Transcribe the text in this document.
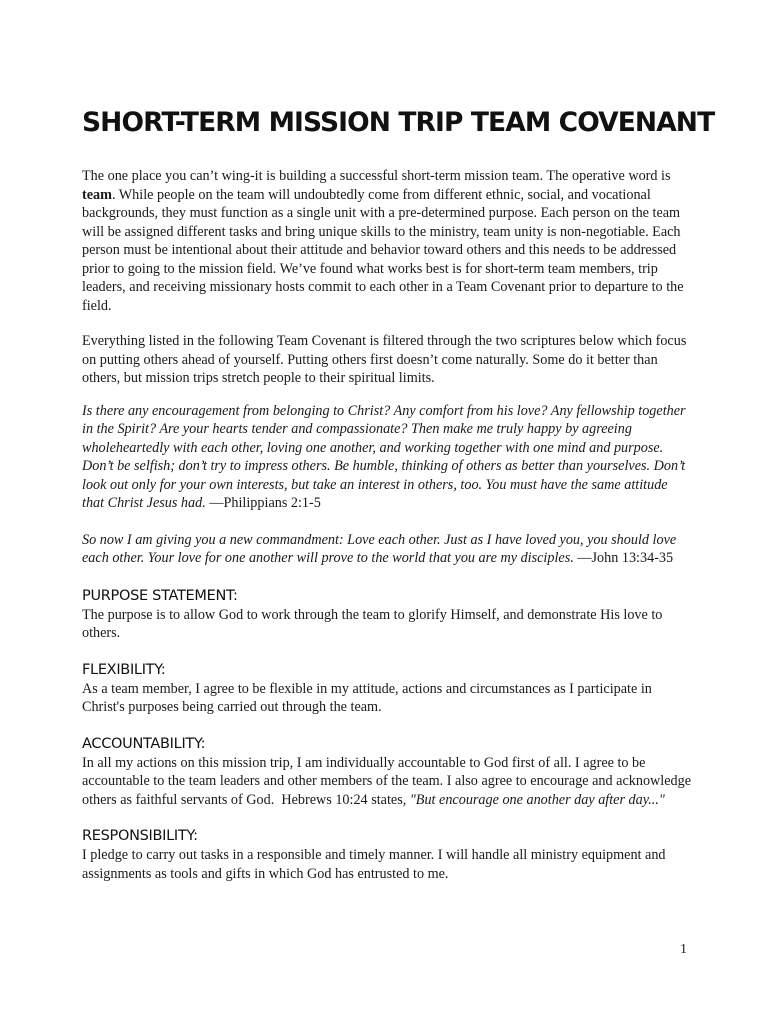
SHORT-TERM MISSION TRIP TEAM COVENANT

The one place you can’t wing-it is building a successful short-term mission team. The operative word is team. While people on the team will undoubtedly come from different ethnic, social, and vocational backgrounds, they must function as a single unit with a pre-determined purpose. Each person on the team will be assigned different tasks and bring unique skills to the ministry, team unity is non-negotiable. Each person must be intentional about their attitude and behavior toward others and this needs to be addressed prior to going to the mission field. We’ve found what works best is for short-term team members, trip leaders, and receiving missionary hosts commit to each other in a Team Covenant prior to departure to the field.

Everything listed in the following Team Covenant is filtered through the two scriptures below which focus on putting others ahead of yourself. Putting others first doesn’t come naturally. Some do it better than others, but mission trips stretch people to their spiritual limits.

Is there any encouragement from belonging to Christ? Any comfort from his love? Any fellowship together in the Spirit? Are your hearts tender and compassionate? Then make me truly happy by agreeing wholeheartedly with each other, loving one another, and working together with one mind and purpose. Don’t be selfish; don’t try to impress others. Be humble, thinking of others as better than yourselves. Don’t look out only for your own interests, but take an interest in others, too. You must have the same attitude that Christ Jesus had. —Philippians 2:1-5

So now I am giving you a new commandment: Love each other. Just as I have loved you, you should love each other. Your love for one another will prove to the world that you are my disciples. —John 13:34-35

PURPOSE STATEMENT:

The purpose is to allow God to work through the team to glorify Himself, and demonstrate His love to others.

FLEXIBILITY:

As a team member, I agree to be flexible in my attitude, actions and circumstances as I participate in Christ's purposes being carried out through the team.

ACCOUNTABILITY:

In all my actions on this mission trip, I am individually accountable to God first of all. I agree to be accountable to the team leaders and other members of the team. I also agree to encourage and acknowledge others as faithful servants of God.  Hebrews 10:24 states, "But encourage one another day after day..."

RESPONSIBILITY:

I pledge to carry out tasks in a responsible and timely manner. I will handle all ministry equipment and assignments as tools and gifts in which God has entrusted to me.

1
